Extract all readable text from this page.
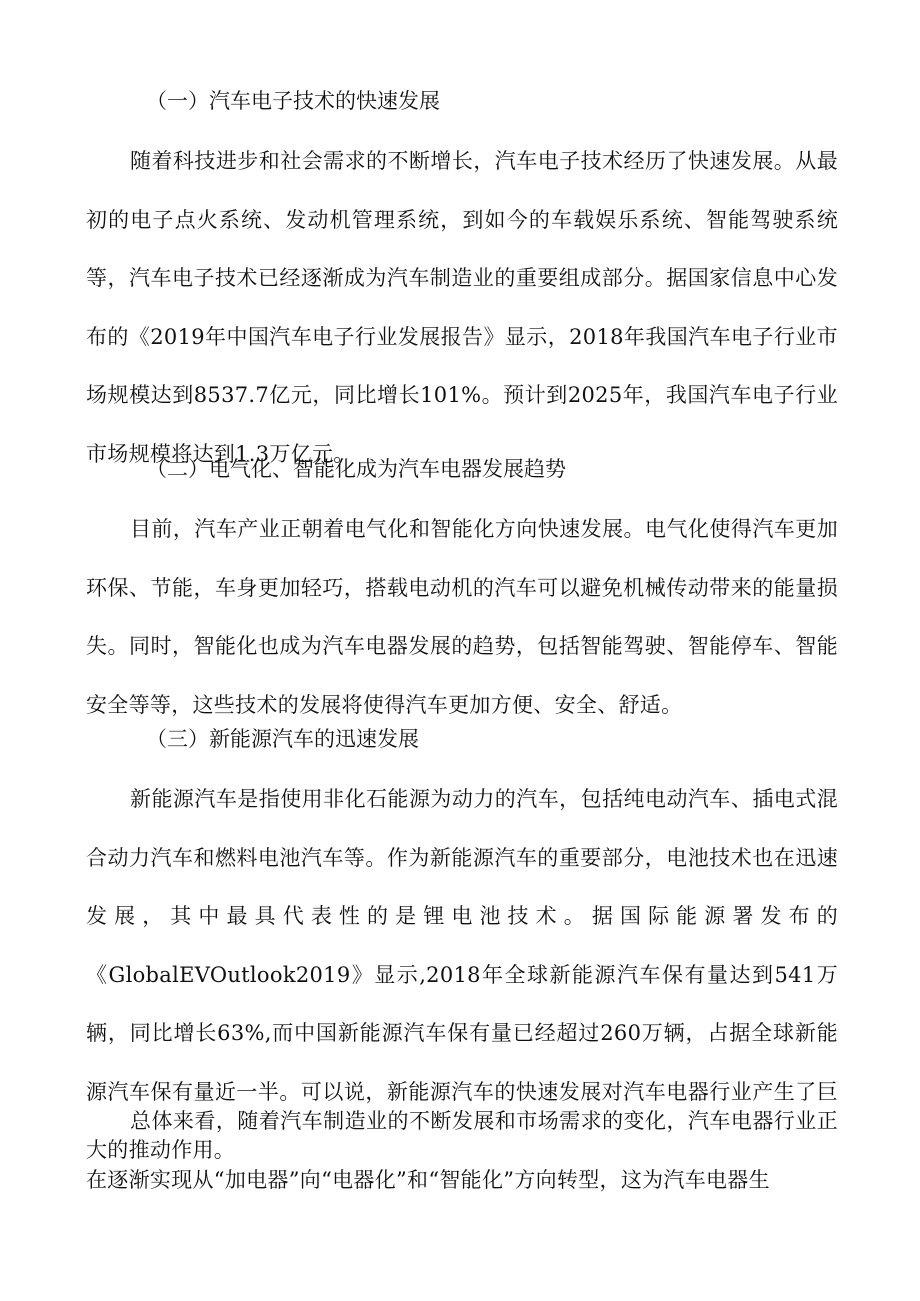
（一）汽车电子技术的快速发展

随着科技进步和社会需求的不断增长，汽车电子技术经历了快速发展。从最初的电子点火系统、发动机管理系统，到如今的车载娱乐系统、智能驾驶系统等，汽车电子技术已经逐渐成为汽车制造业的重要组成部分。据国家信息中心发布的《2019年中国汽车电子行业发展报告》显示，2018年我国汽车电子行业市场规模达到8537.7亿元，同比增长101%。预计到2025年，我国汽车电子行业市场规模将达到1.3万亿元。

（二）电气化、智能化成为汽车电器发展趋势

目前，汽车产业正朝着电气化和智能化方向快速发展。电气化使得汽车更加环保、节能，车身更加轻巧，搭载电动机的汽车可以避免机械传动带来的能量损失。同时，智能化也成为汽车电器发展的趋势，包括智能驾驶、智能停车、智能安全等等，这些技术的发展将使得汽车更加方便、安全、舒适。

（三）新能源汽车的迅速发展

新能源汽车是指使用非化石能源为动力的汽车，包括纯电动汽车、插电式混合动力汽车和燃料电池汽车等。作为新能源汽车的重要部分，电池技术也在迅速发展，其中最具代表性的是锂电池技术。据国际能源署发布的《GlobalEVOutlook2019》显示,2018年全球新能源汽车保有量达到541万辆，同比增长63%,而中国新能源汽车保有量已经超过260万辆，占据全球新能源汽车保有量近一半。可以说，新能源汽车的快速发展对汽车电器行业产生了巨大的推动作用。

总体来看，随着汽车制造业的不断发展和市场需求的变化，汽车电器行业正在逐渐实现从“加电器”向“电器化”和“智能化”方向转型，这为汽车电器生
